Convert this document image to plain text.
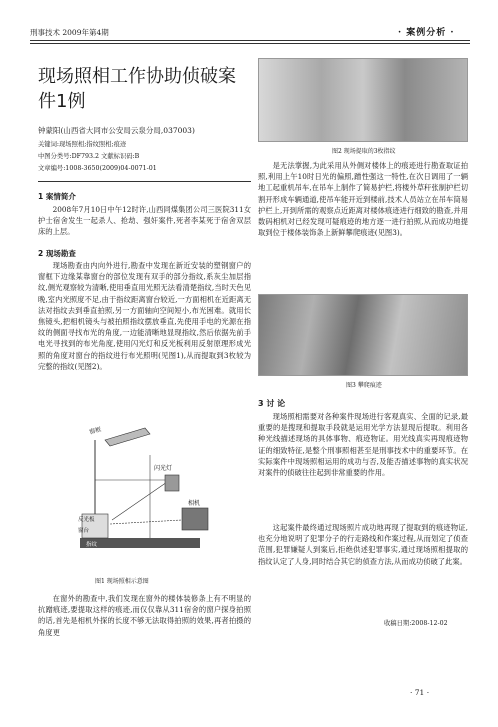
刑事技术 2009年第4期	· 案例分析 ·
现场照相工作协助侦破案
件1例
钟蒙阳(山西省大同市公安局云泉分局,037003)
关键词:现场照相;指纹照相;痕迹
中图分类号:DF793.2 文献标识码:B
文章编号:1008-3650(2009)04-0071-01
1 案情简介

2008年7月10日中午12时许,山西同煤集团公司三医院311女护士宿舍发生一起杀人、抢劫、强奸案件,死者李某死于宿舍双层床的上层。

2 现场勘查

现场勘查由内向外进行,勘查中发现在新近安装的塑钢窗户的窗框下边缘某靠窗台的部位发现有双手的部分指纹,系灰尘加层指纹,侧光观察较为清晰,使用垂直用光照无法看清楚指纹,当时天色见晚,室内光照度不足,由于指纹距离窗台较近,一方面相机在近距离无法对指纹去到垂直拍照,另一方面轴向空间短小,布光困难。就用长焦镜头,把相机镜头与被拍照指纹摆放垂直,先使用手电的光源在指纹的侧面寻找布光的角度,一边能清晰地显现指纹,然后依据先前手电光寻找到的布光角度,使用闪光灯和反光板利用反射原理形成光照的角度对窗台的指纹进行布光照明(见图1),从而提取到3枚较为完整的指纹(见图2)。

窗框
闪光灯
相机
反光板
窗台
指纹
图1 现场照相示意图

在窗外的勘查中,我们发现在窗外的楼体装修条上有不明显的抗蹭痕迹,要提取这样的痕迹,而仅仅靠从311宿舍的窗户探身拍照的话,首先是相机外探的长度不够无法取得拍照的效果,再者拍摄的角度更

图2 现场提取的3枚指纹

是无法掌握,为此采用从外侧对楼体上的痕迹进行勘查取证拍照,利用上午10时日光的偏照,蹭性强这一特性,在次日调用了一辆地工起重机吊车,在吊车上制作了简易护栏,将楼外草秆张制护栏切割开形成车辆通道,使吊车能开近到楼前,技术人员站立在吊车筒易护栏上,开到所需的观察点近距离对楼体痕迹进行细致的勘查,并用数码相机对已经发现可疑痕迹的地方逐一进行拍照,从而成功地提取到位于楼体装饰条上新鲜攀爬痕迹(见图3)。

图3 攀爬痕迹
3 讨 论

现场照相需要对各种案件现场进行客观真实、全面的记录,最重要的是搜现和提取手段就是运用光学方法显现后提取。利用各种光线描述现场的具体事物、痕迹物证。用光线真实再现痕迹物证的细致特征,是整个刑事照相甚至是刑事技术中的重要环节。在实际案件中现场照相运用的成功与否,及能否描述事物的真实状况对案件的侦破往往起到非常重要的作用。

这起案件最终通过现场照片成功地再现了提取到的痕迹物证,也充分地说明了犯罪分子的行走路线和作案过程,从而划定了侦查范围,犯罪嫌疑人到案后,拒绝供述犯罪事实,通过现场照相提取的指纹认定了人身,同时结合其它的侦查方法,从而成功侦破了此案。

收稿日期:2008-12-02
· 71 ·
